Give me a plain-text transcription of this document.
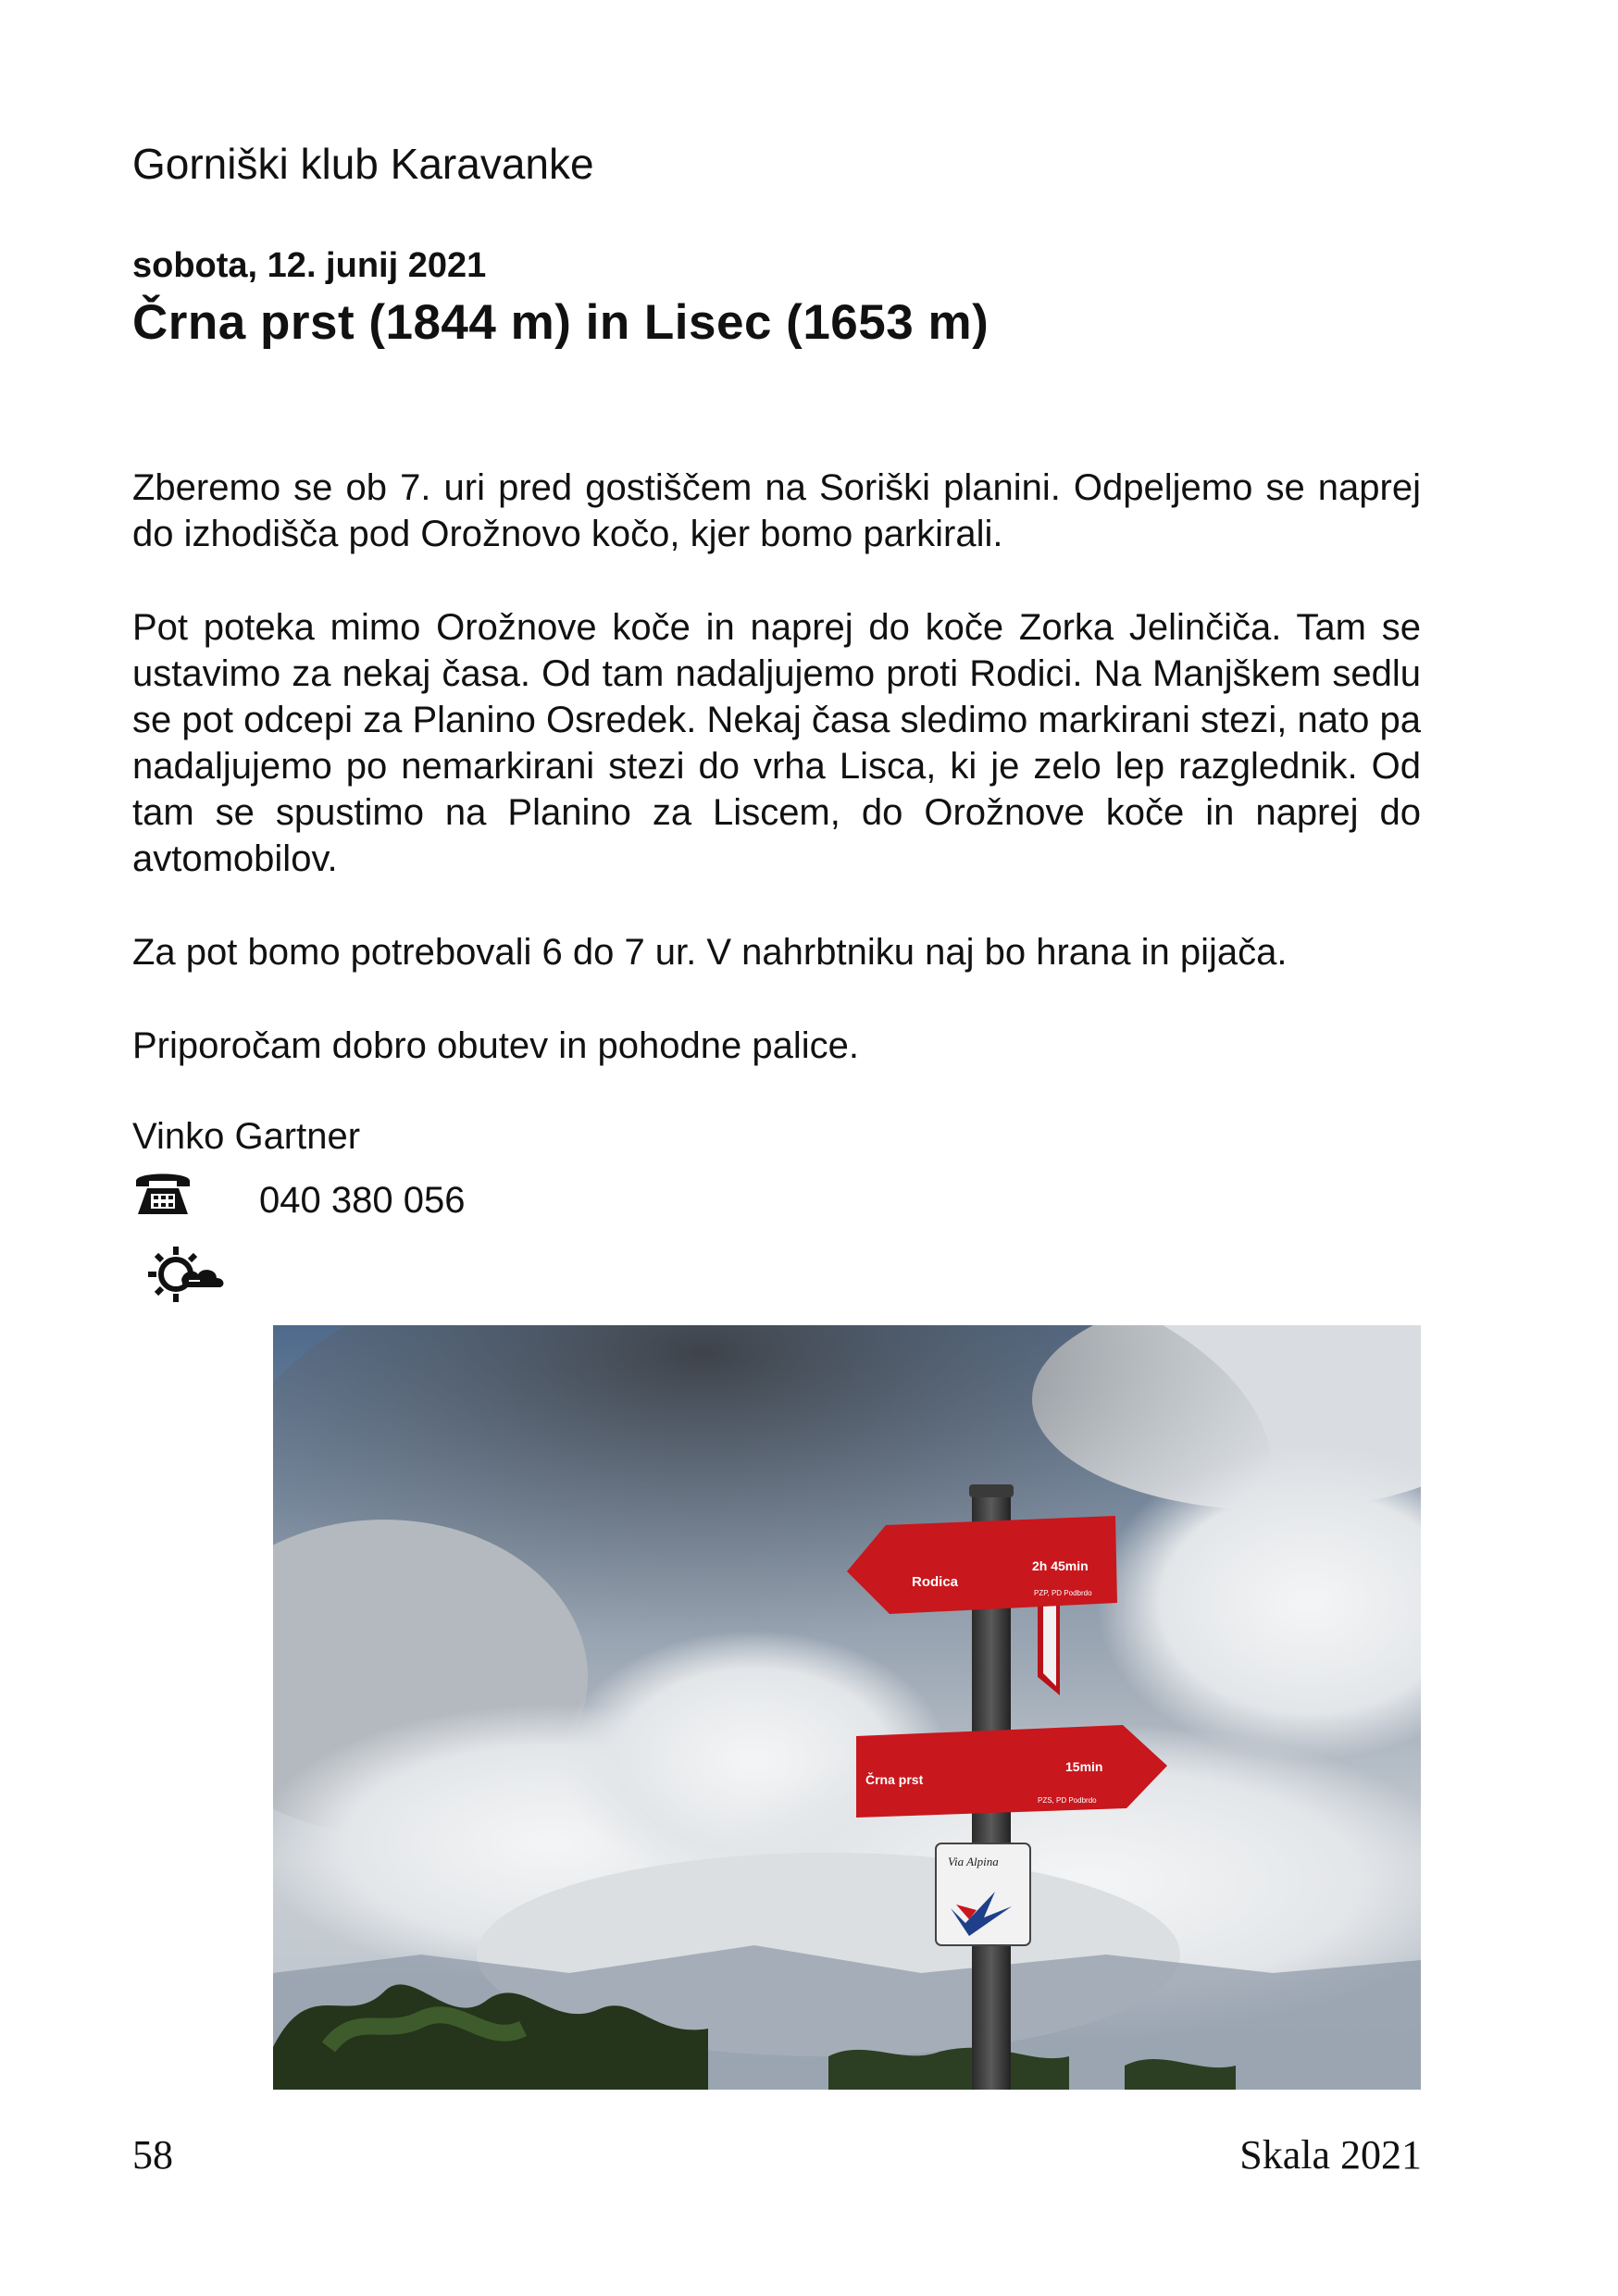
Gorniški klub Karavanke
sobota, 12. junij 2021
Črna prst (1844 m) in Lisec (1653 m)

Zberemo se ob 7. uri pred gostiščem na Soriški planini. Odpeljemo se naprej do izhodišča pod Orožnovo kočo, kjer bomo parkirali.

Pot poteka mimo Orožnove koče in naprej do koče Zorka Jelinčiča. Tam se ustavimo za nekaj časa. Od tam nadaljujemo proti Rodici. Na Manjškem sedlu se pot odcepi za Planino Osredek. Nekaj časa sledimo markirani stezi, nato pa nadaljujemo po nemarkirani stezi do vrha Lisca, ki je zelo lep razglednik. Od tam se spustimo na Planino za Liscem, do Orožnove koče in naprej do avtomobilov.

Za pot bomo potrebovali 6 do 7 ur. V nahrbtniku naj bo hrana in pijača.

Priporočam dobro obutev in pohodne palice.

Vinko Gartner
040 380 056
Rodica
2h 45min
PZP, PD Podbrdo
Črna prst
15min
PZS, PD Podbrdo
Via Alpina
58	Skala 2021
